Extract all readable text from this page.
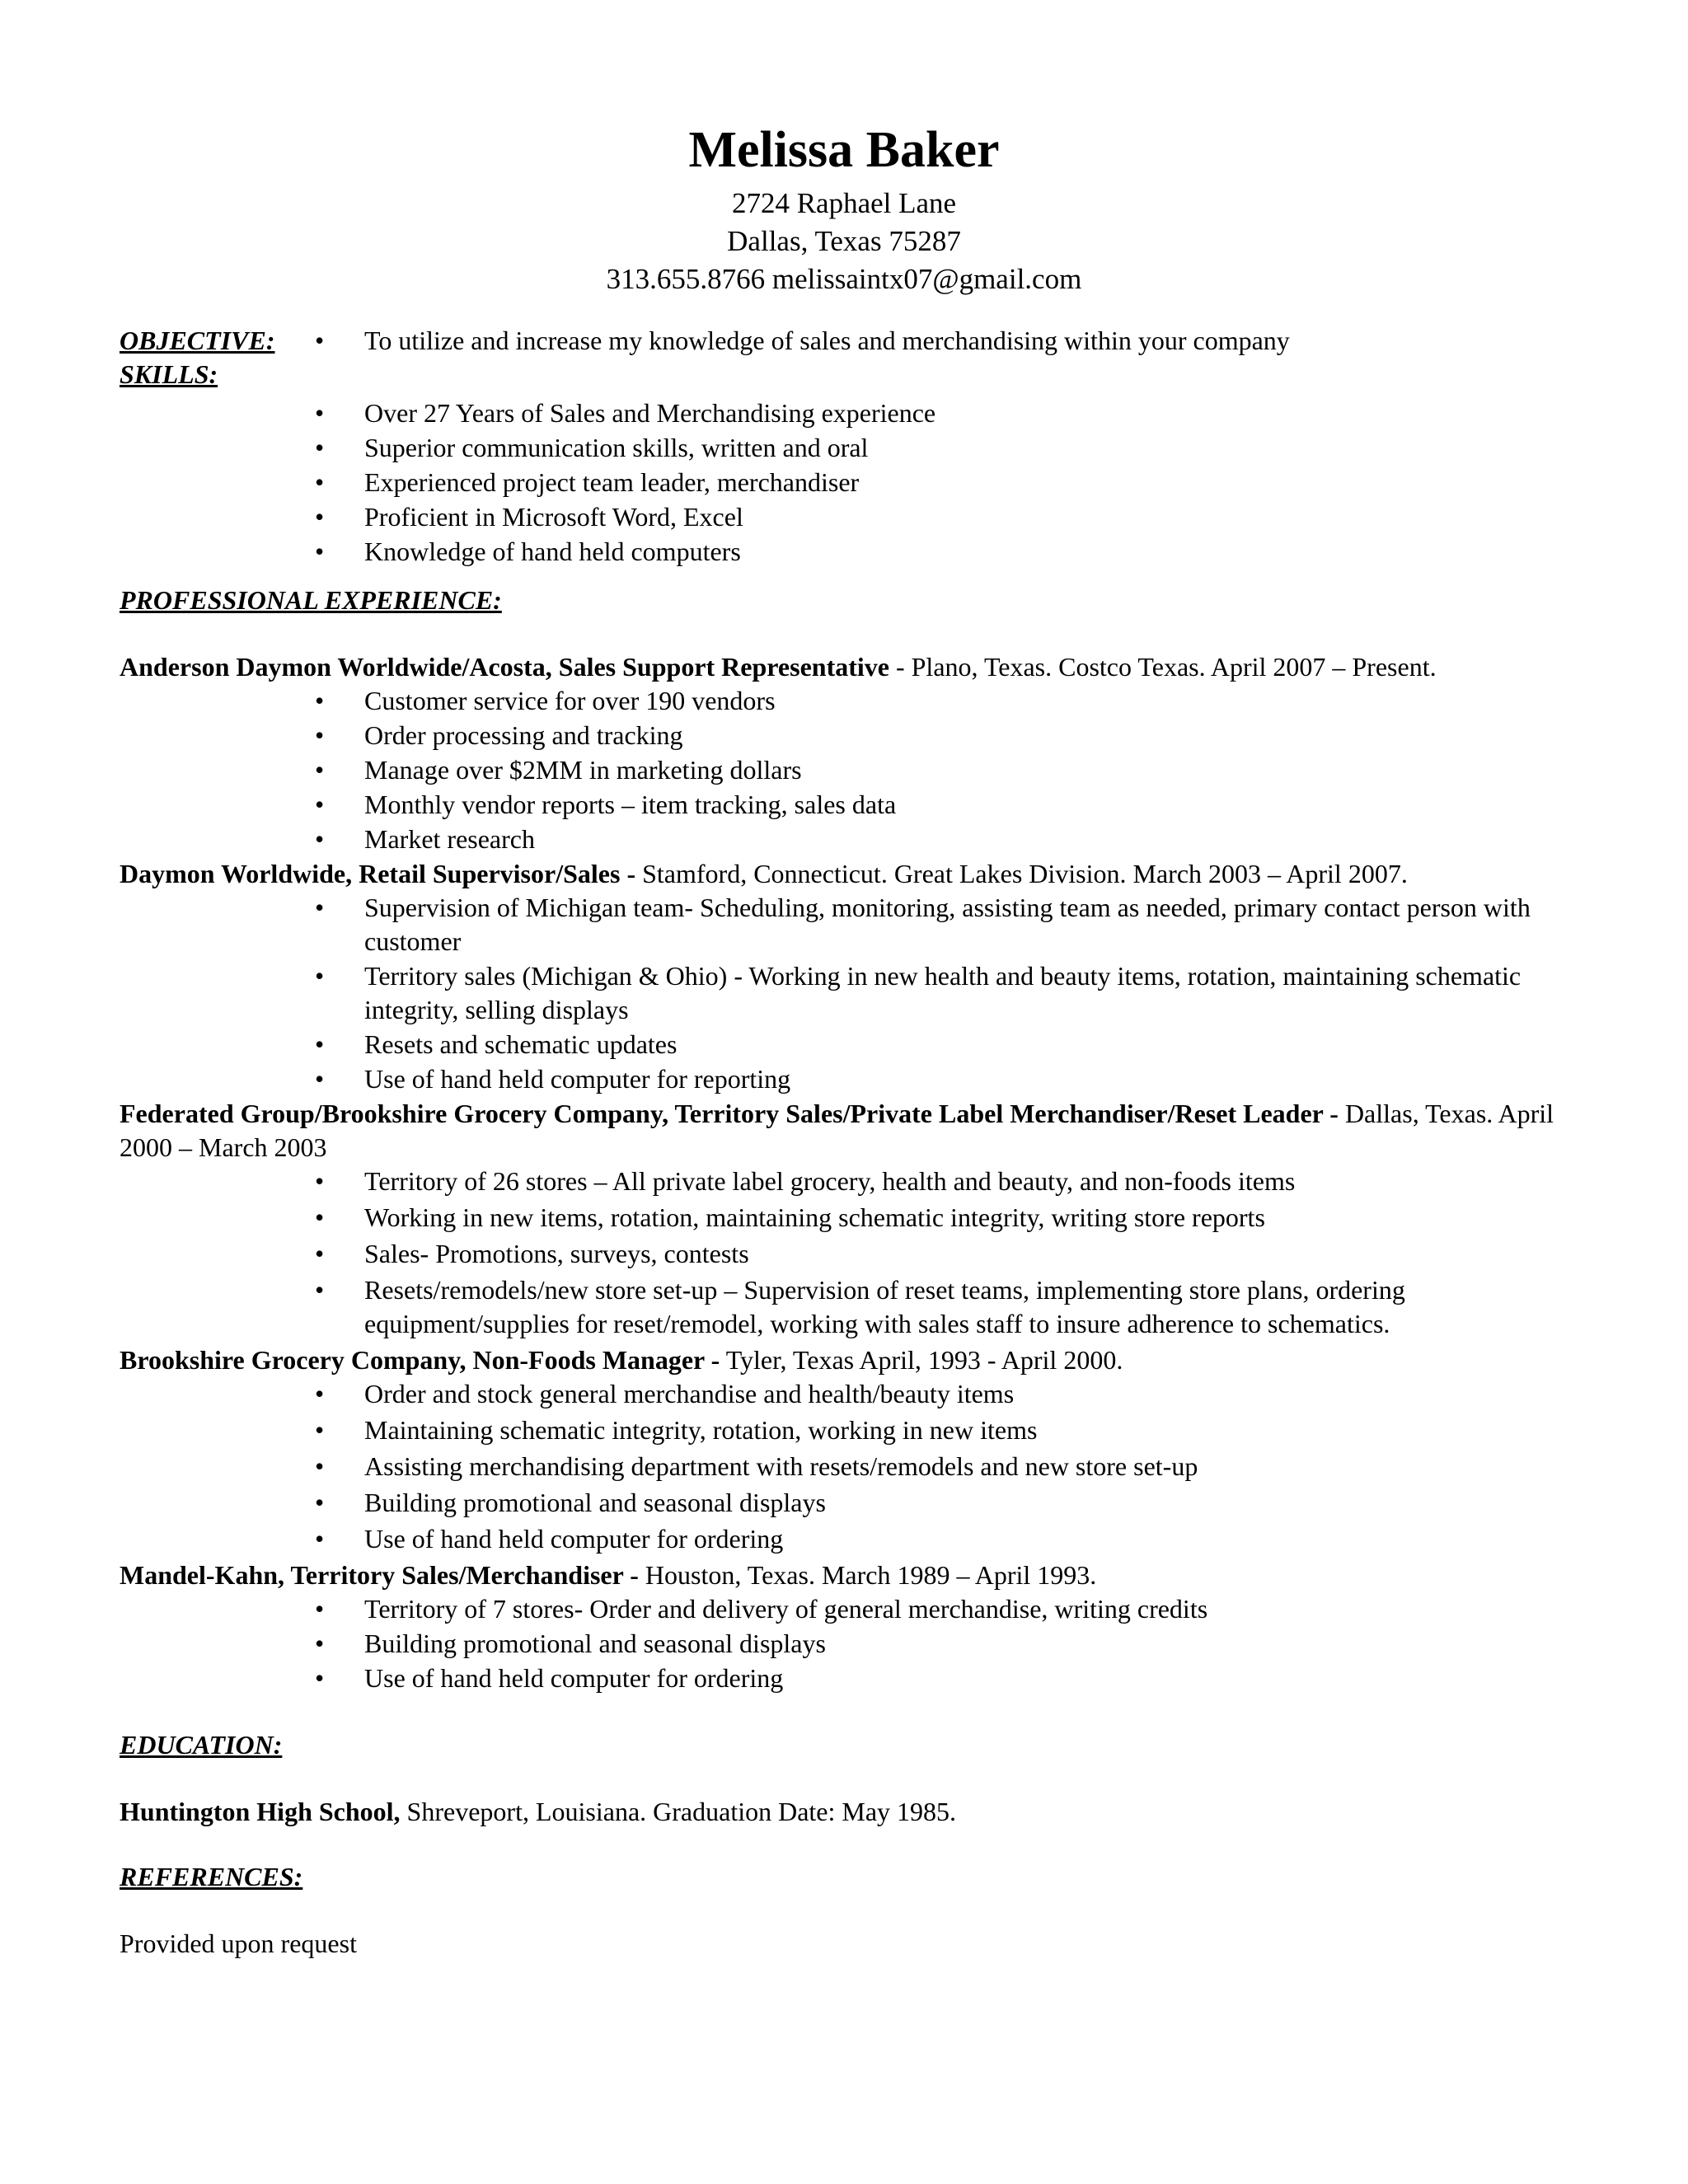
Melissa Baker
2724 Raphael Lane
Dallas, Texas 75287
313.655.8766 melissaintx07@gmail.com
OBJECTIVE:
•	To utilize and increase my knowledge of sales and merchandising within your company
SKILLS:
• Over 27 Years of Sales and Merchandising experience
• Superior communication skills, written and oral
• Experienced project team leader, merchandiser
• Proficient in Microsoft Word, Excel
• Knowledge of hand held computers
PROFESSIONAL EXPERIENCE:

Anderson Daymon Worldwide/Acosta, Sales Support Representative - Plano, Texas. Costco Texas. April 2007 – Present.

• Customer service for over 190 vendors
• Order processing and tracking
• Manage over $2MM in marketing dollars
• Monthly vendor reports – item tracking, sales data
• Market research

Daymon Worldwide, Retail Supervisor/Sales - Stamford, Connecticut. Great Lakes Division. March 2003 – April 2007.

• Supervision of Michigan team- Scheduling, monitoring, assisting team as needed, primary contact person with customer
• Territory sales (Michigan & Ohio) - Working in new health and beauty items, rotation, maintaining schematic integrity, selling displays
• Resets and schematic updates
• Use of hand held computer for reporting

Federated Group/Brookshire Grocery Company, Territory Sales/Private Label Merchandiser/Reset Leader - Dallas, Texas. April 2000 – March 2003

• Territory of 26 stores – All private label grocery, health and beauty, and non-foods items
• Working in new items, rotation, maintaining schematic integrity, writing store reports
• Sales- Promotions, surveys, contests
• Resets/remodels/new store set-up – Supervision of reset teams, implementing store plans, ordering equipment/supplies for reset/remodel, working with sales staff to insure adherence to schematics.

Brookshire Grocery Company, Non-Foods Manager - Tyler, Texas April, 1993 - April 2000.

• Order and stock general merchandise and health/beauty items
• Maintaining schematic integrity, rotation, working in new items
• Assisting merchandising department with resets/remodels and new store set-up
• Building promotional and seasonal displays
• Use of hand held computer for ordering

Mandel-Kahn, Territory Sales/Merchandiser - Houston, Texas. March 1989 – April 1993.

• Territory of 7 stores- Order and delivery of general merchandise, writing credits
• Building promotional and seasonal displays
• Use of hand held computer for ordering
EDUCATION:

Huntington High School, Shreveport, Louisiana. Graduation Date: May 1985.

REFERENCES:

Provided upon request
